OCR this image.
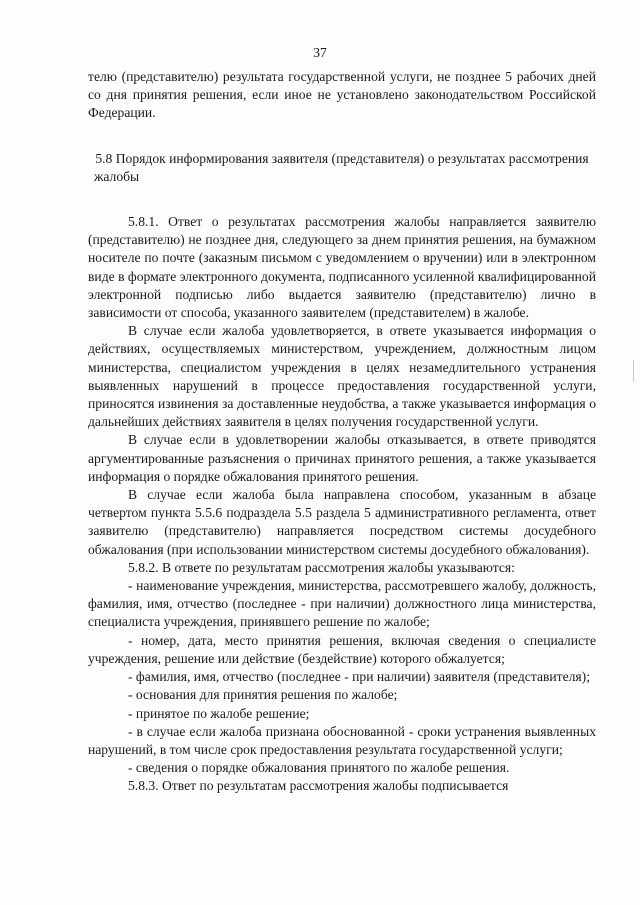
37

телю (представителю) результата государственной услуги, не позднее 5 рабочих дней со дня принятия решения, если иное не установлено законодательством Российской Федерации.

5.8 Порядок информирования заявителя (представителя) о результатах рассмотрения жалобы

5.8.1. Ответ о результатах рассмотрения жалобы направляется заявителю (представителю) не позднее дня, следующего за днем принятия решения, на бумажном носителе по почте (заказным письмом с уведомлением о вручении) или в электронном виде в формате электронного документа, подписанного усиленной квалифицированной электронной подписью либо выдается заявителю (представителю) лично в зависимости от способа, указанного заявителем (представителем) в жалобе.

В случае если жалоба удовлетворяется, в ответе указывается информация о действиях, осуществляемых министерством, учреждением, должностным лицом министерства, специалистом учреждения в целях незамедлительного устранения выявленных нарушений в процессе предоставления государственной услуги, приносятся извинения за доставленные неудобства, а также указывается информация о дальнейших действиях заявителя в целях получения государственной услуги.

В случае если в удовлетворении жалобы отказывается, в ответе приводятся аргументированные разъяснения о причинах принятого решения, а также указывается информация о порядке обжалования принятого решения.

В случае если жалоба была направлена способом, указанным в абзаце четвертом пункта 5.5.6 подраздела 5.5 раздела 5 административного регламента, ответ заявителю (представителю) направляется посредством системы досудебного обжалования (при использовании министерством системы досудебного обжалования).

5.8.2. В ответе по результатам рассмотрения жалобы указываются:

- наименование учреждения, министерства, рассмотревшего жалобу, должность, фамилия, имя, отчество (последнее - при наличии) должностного лица министерства, специалиста учреждения, принявшего решение по жалобе;

- номер, дата, место принятия решения, включая сведения о специалисте учреждения, решение или действие (бездействие) которого обжалуется;

- фамилия, имя, отчество (последнее - при наличии) заявителя (представителя);

- основания для принятия решения по жалобе;

- принятое по жалобе решение;

- в случае если жалоба признана обоснованной - сроки устранения выявленных нарушений, в том числе срок предоставления результата государственной услуги;

- сведения о порядке обжалования принятого по жалобе решения.

5.8.3. Ответ по результатам рассмотрения жалобы подписывается
